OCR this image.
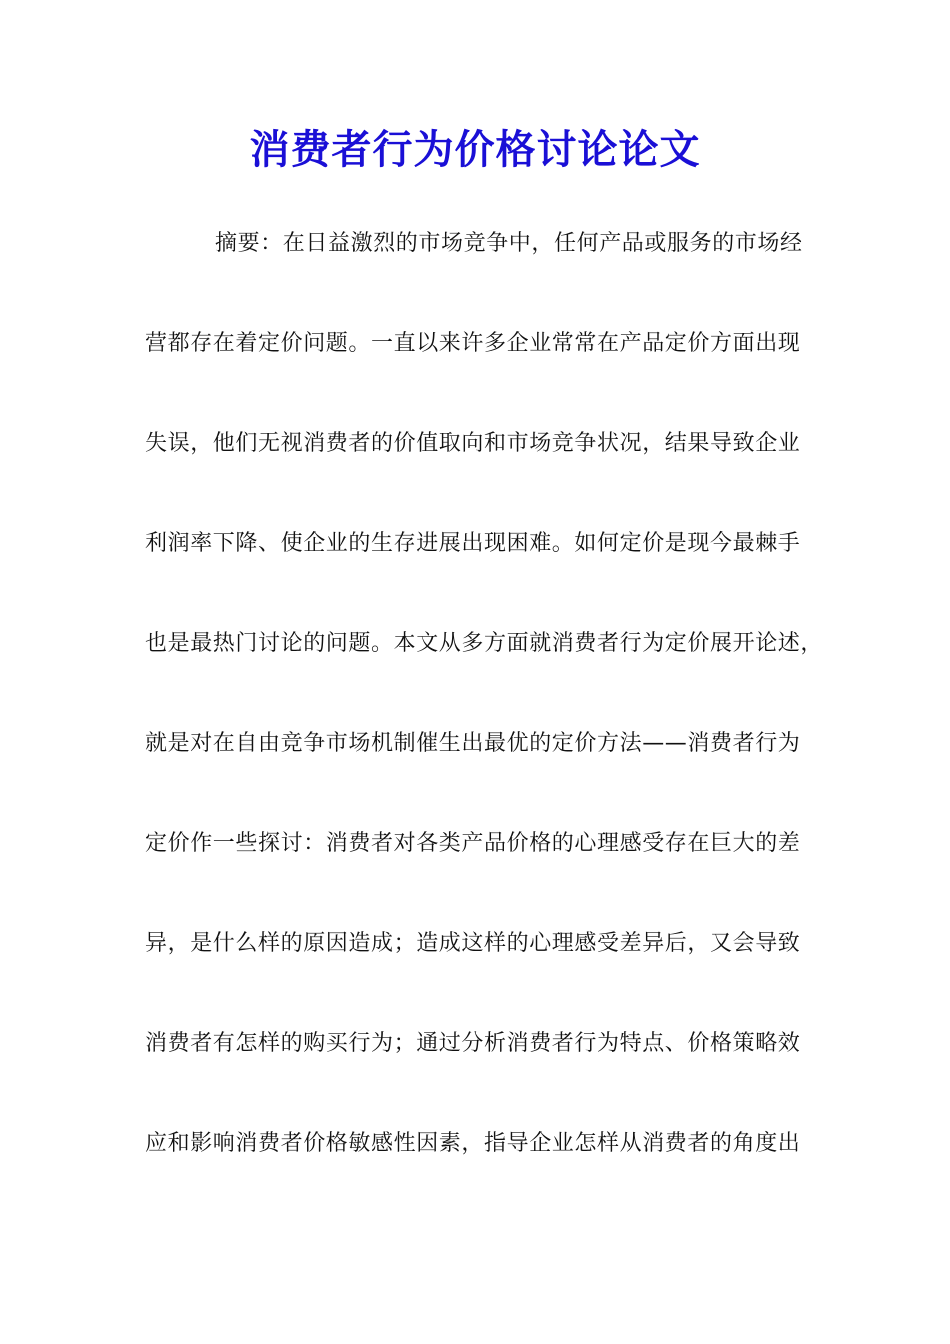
消费者行为价格讨论论文
摘要：在日益激烈的市场竞争中，任何产品或服务的市场经
营都存在着定价问题。一直以来许多企业常常在产品定价方面出现
失误，他们无视消费者的价值取向和市场竞争状况，结果导致企业
利润率下降、使企业的生存进展出现困难。如何定价是现今最棘手
也是最热门讨论的问题。本文从多方面就消费者行为定价展开论述，
就是对在自由竞争市场机制催生出最优的定价方法——消费者行为
定价作一些探讨：消费者对各类产品价格的心理感受存在巨大的差
异，是什么样的原因造成；造成这样的心理感受差异后，又会导致
消费者有怎样的购买行为；通过分析消费者行为特点、价格策略效
应和影响消费者价格敏感性因素，指导企业怎样从消费者的角度出
